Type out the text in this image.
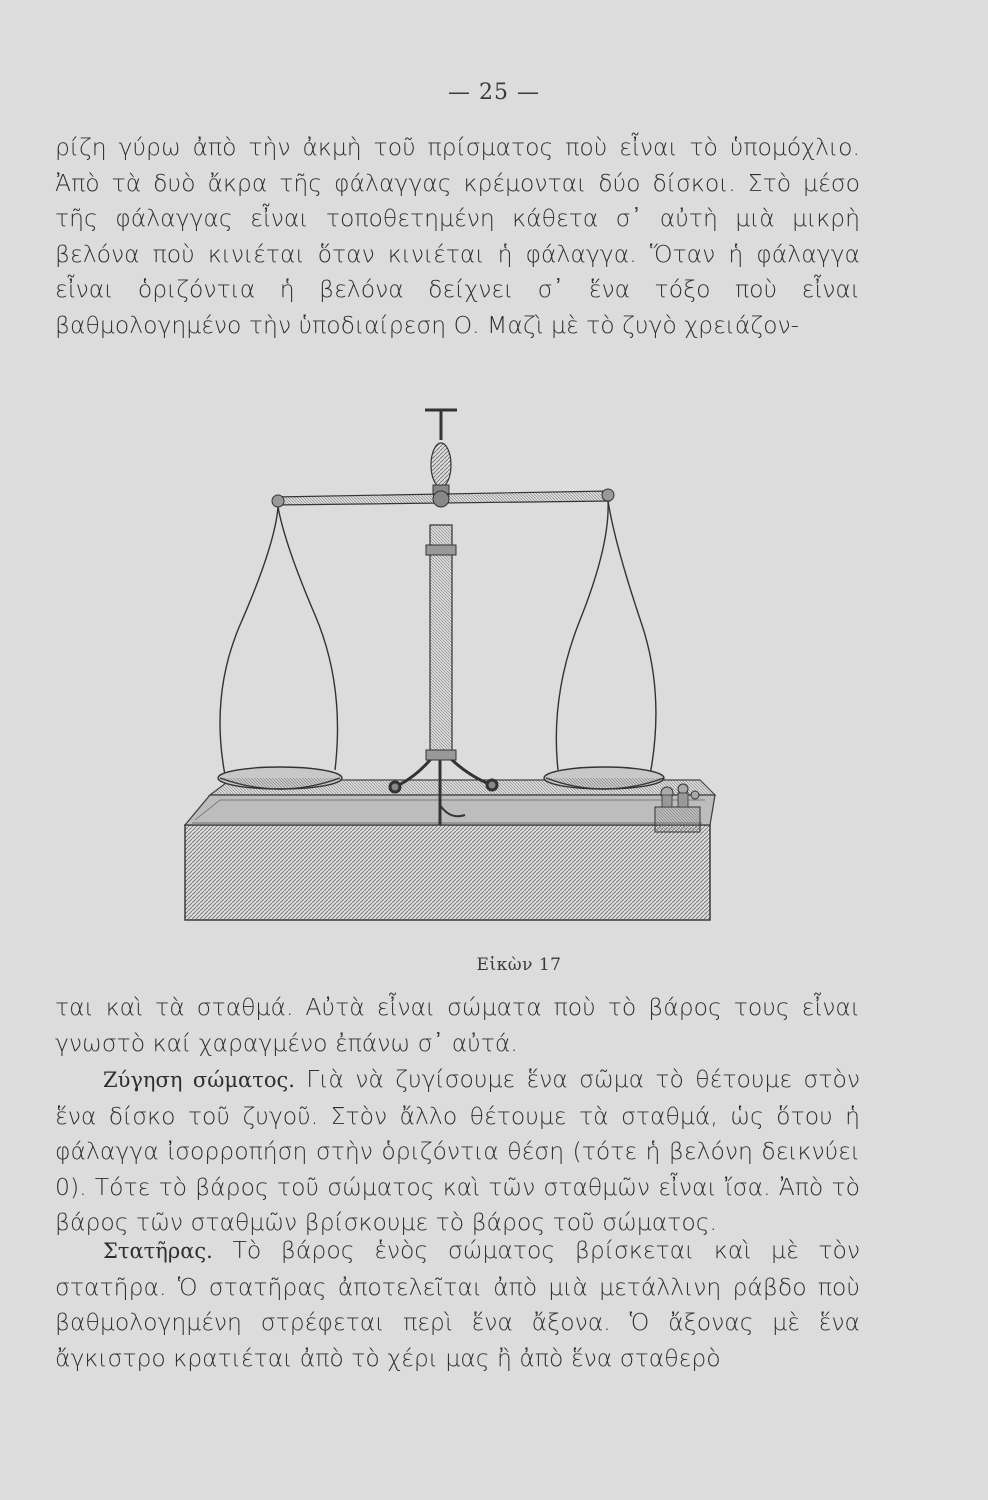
— 25 —

ρίζη γύρω ἀπὸ τὴν ἀκμὴ τοῦ πρίσματος ποὺ εἶναι τὸ ὑπομόχλιο. Ἀπὸ τὰ δυὸ ἄκρα τῆς φάλαγγας κρέμονται δύο δίσκοι. Στὸ μέσο τῆς φάλαγγας εἶναι τοποθετημένη κάθετα σ᾽ αὐτὴ μιὰ μικρὴ βελόνα ποὺ κινιέται ὅταν κινιέται ἡ φάλαγγα. Ὅταν ἡ φάλαγγα εἶναι ὁριζόντια ἡ βελόνα δείχνει σ᾽ ἕνα τόξο ποὺ εἶναι βαθμολογημένο τὴν ὑποδιαίρεση Ο. Μαζὶ μὲ τὸ ζυγὸ χρειάζον-

Εἰκὼν 17

ται καὶ τὰ σταθμά. Αὐτὰ εἶναι σώματα ποὺ τὸ βάρος τους εἶναι γνωστὸ καί χαραγμένο ἐπάνω σ᾽ αὐτά.

Ζύγηση σώματος. Γιὰ νὰ ζυγίσουμε ἕνα σῶμα τὸ θέτουμε στὸν ἕνα δίσκο τοῦ ζυγοῦ. Στὸν ἄλλο θέτουμε τὰ σταθμά, ὡς ὅτου ἡ φάλαγγα ἰσορροπήση στὴν ὁριζόντια θέση (τότε ἡ βελόνη δεικνύει 0). Τότε τὸ βάρος τοῦ σώματος καὶ τῶν σταθμῶν εἶναι ἴσα. Ἀπὸ τὸ βάρος τῶν σταθμῶν βρίσκουμε τὸ βάρος τοῦ σώματος.

Στατῆρας. Τὸ βάρος ἑνὸς σώματος βρίσκεται καὶ μὲ τὸν στατῆρα. Ὁ στατῆρας ἀποτελεῖται ἀπὸ μιὰ μετάλλινη ράβδο ποὺ βαθμολογημένη στρέφεται περὶ ἕνα ἄξονα. Ὁ ἄξονας μὲ ἕνα ἄγκιστρο κρατιέται ἀπὸ τὸ χέρι μας ἢ ἀπὸ ἕνα σταθερὸ
